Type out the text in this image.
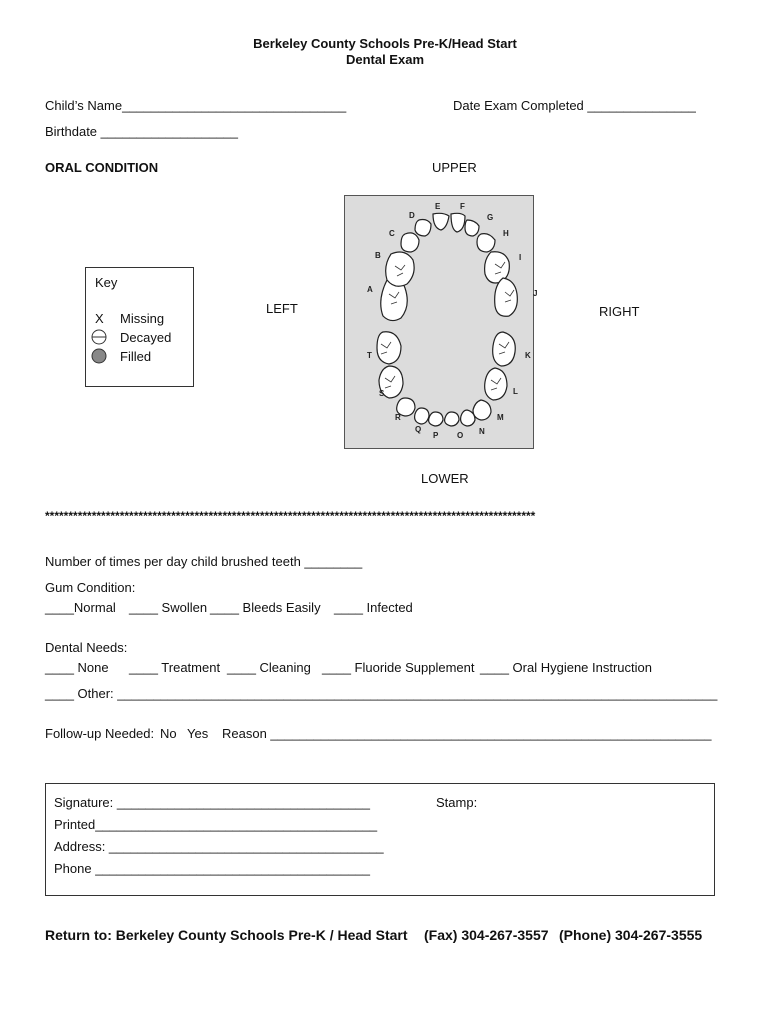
Berkeley County Schools Pre-K/Head Start
Dental Exam
Child’s Name_______________________________	Date Exam Completed _______________
Birthdate ___________________
ORAL CONDITION	UPPER
LEFT	RIGHT
LOWER
Key
X Missing
Decayed
Filled
A
B
C
D
E F
G
H
I
J
K
L
M
N
O
P
Q
R
S
T
*********************************************************************************************************
Number of times per day child brushed teeth ________
Gum Condition:
____Normal ____ Swollen ____ Bleeds Easily ____ Infected
Dental Needs:
____ None ____ Treatment ____ Cleaning ____ Fluoride Supplement ____ Oral Hygiene Instruction
____ Other: ___________________________________________________________________________________
Follow-up Needed: No Yes Reason _____________________________________________________________
Signature: ___________________________________	Stamp:
Printed_______________________________________
Address: ______________________________________
Phone ______________________________________
Return to: Berkeley County Schools Pre-K / Head Start (Fax) 304-267-3557 (Phone) 304-267-3555
